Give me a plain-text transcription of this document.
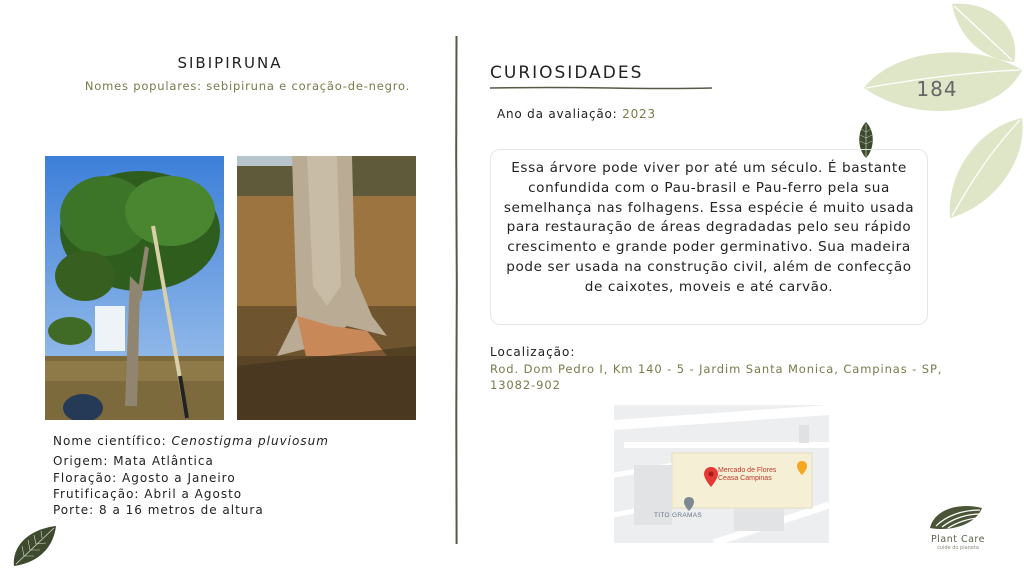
SIBIPIRUNA
Nomes populares: sebipiruna e coração-de-negro.
Nome científico: Cenostigma pluviosum
Origem: Mata Atlântica
Floração: Agosto a Janeiro
Frutificação: Abril a Agosto
Porte: 8 a 16 metros de altura
CURIOSIDADES
Ano da avaliação: 2023
Essa árvore pode viver por até um século. É bastante confundida com o Pau-brasil e Pau-ferro pela sua semelhança nas folhagens. Essa espécie é muito usada para restauração de áreas degradadas pelo seu rápido crescimento e grande poder germinativo. Sua madeira pode ser usada na construção civil, além de confecção de caixotes, moveis e até carvão.
Localização:
Rod. Dom Pedro I, Km 140 - 5 - Jardim Santa Monica, Campinas - SP, 13082-902
Mercado de Flores
Ceasa Campinas
TITO GRAMAS
184
Plant Care
cuide do planeta
